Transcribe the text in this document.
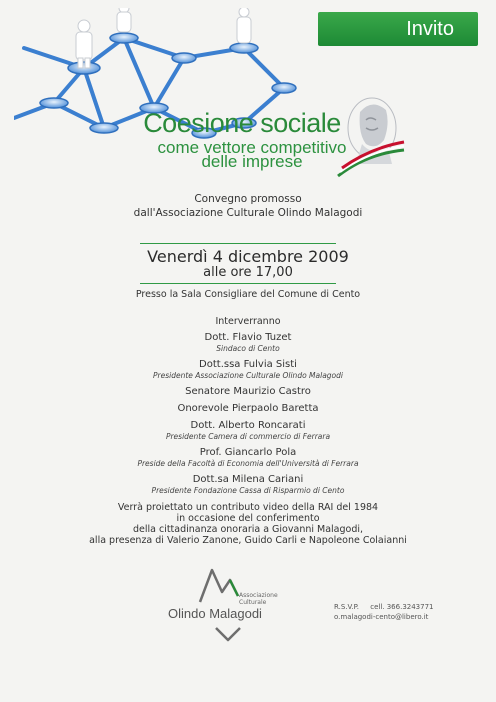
Invito
Coesione sociale
come vettore competitivo
delle imprese
Convegno promosso
dall'Associazione Culturale Olindo Malagodi
Venerdì 4 dicembre 2009
alle ore 17,00
Presso la Sala Consigliare del Comune di Cento
Interverranno
Dott. Flavio Tuzet
Sindaco di Cento
Dott.ssa Fulvia Sisti
Presidente Associazione Culturale Olindo Malagodi
Senatore Maurizio Castro
Onorevole Pierpaolo Baretta
Dott. Alberto Roncarati
Presidente Camera di commercio di Ferrara
Prof. Giancarlo Pola
Preside della Facoltà di Economia dell'Università di Ferrara
Dott.sa Milena Cariani
Presidente Fondazione Cassa di Risparmio di Cento
Verrà proiettato un contributo video della RAI del 1984
in occasione del conferimento
della cittadinanza onoraria a Giovanni Malagodi,
alla presenza di Valerio Zanone, Guido Carli e Napoleone Colaianni
Associazione
Culturale
Olindo Malagodi	R.S.V.P. cell. 366.3243771
o.malagodi-cento@libero.it
